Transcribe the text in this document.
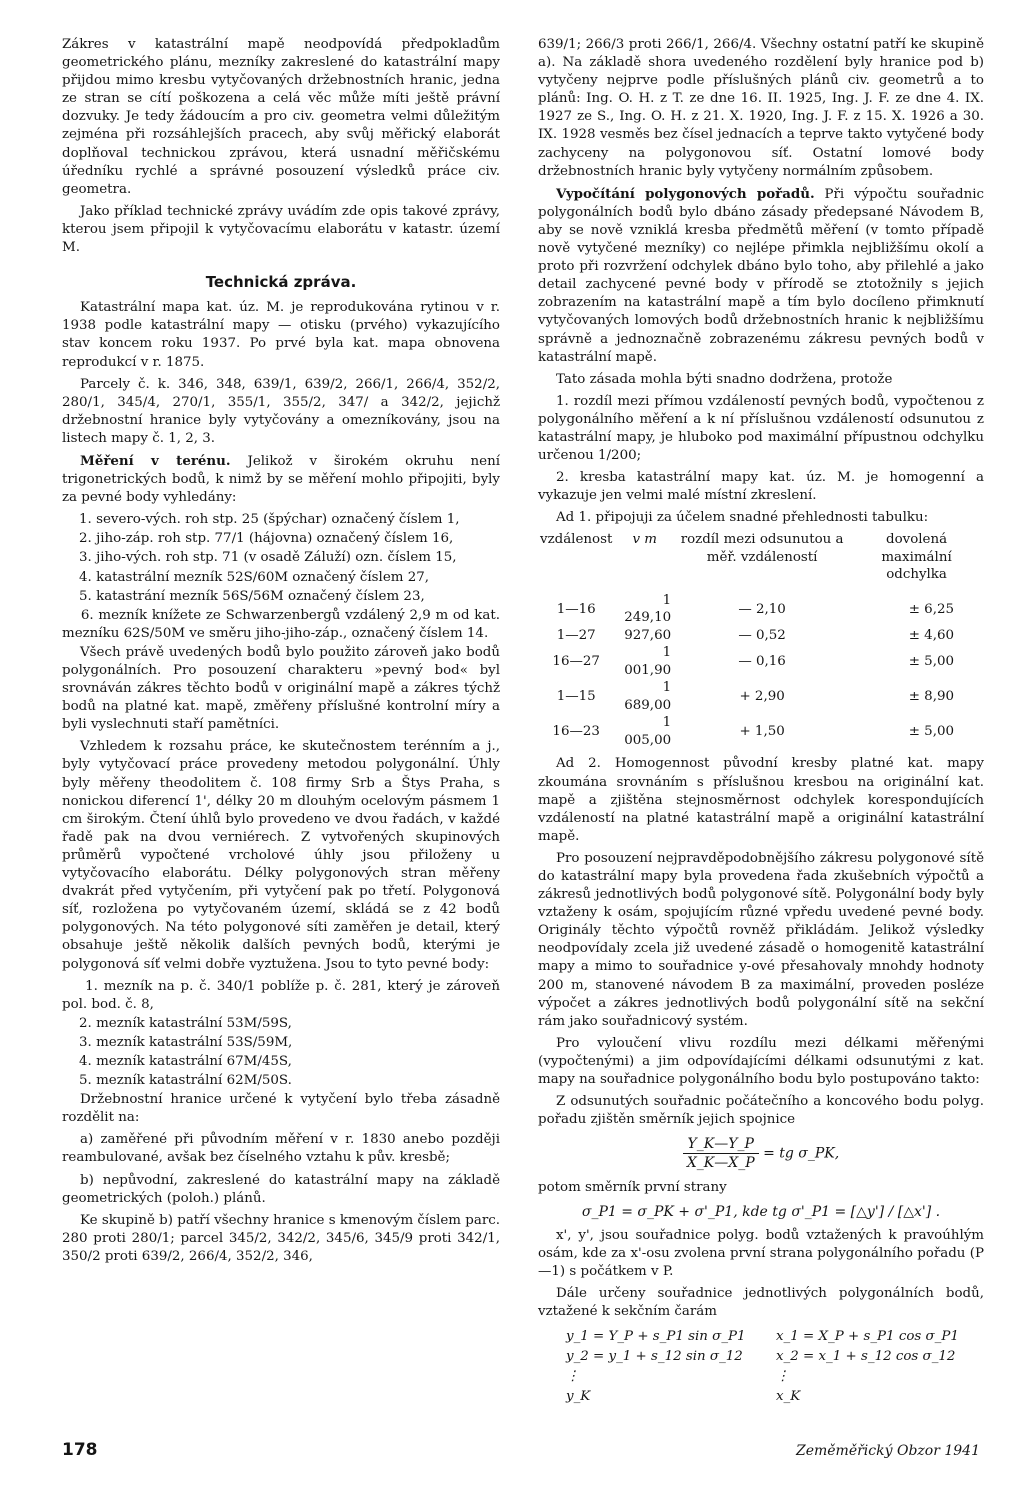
Zákres v katastrální mapě neodpovídá předpokladům geometrického plánu, mezníky zakreslené do katastrální mapy přijdou mimo kresbu vytyčovaných držebnostních hranic, jedna ze stran se cítí poškozena a celá věc může míti ještě právní dozvuky. Je tedy žádoucím a pro civ. geometra velmi důležitým zejména při rozsáhlejších pracech, aby svůj měřický elaborát doplňoval technickou zprávou, která usnadní měřičskému úředníku rychlé a správné posouzení výsledků práce civ. geometra.

Jako příklad technické zprávy uvádím zde opis takové zprávy, kterou jsem připojil k vytyčovacímu elaborátu v katastr. území M.

Technická zpráva.

Katastrální mapa kat. úz. M. je reprodukována rytinou v r. 1938 podle katastrální mapy — otisku (prvého) vykazujícího stav koncem roku 1937. Po prvé byla kat. mapa obnovena reprodukcí v r. 1875.

Parcely č. k. 346, 348, 639/1, 639/2, 266/1, 266/4, 352/2, 280/1, 345/4, 270/1, 355/1, 355/2, 347/ a 342/2, jejichž držebnostní hranice byly vytyčovány a omezníkovány, jsou na listech mapy č. 1, 2, 3.

Měření v terénu. Jelikož v širokém okruhu není trigonetrických bodů, k nimž by se měření mohlo připojiti, byly za pevné body vyhledány:

1. severo-vých. roh stp. 25 (špýchar) označený číslem 1,

2. jiho-záp. roh stp. 77/1 (hájovna) označený číslem 16,

3. jiho-vých. roh stp. 71 (v osadě Záluží) ozn. číslem 15,

4. katastrální mezník 52S/60M označený číslem 27,

5. katastrání mezník 56S/56M označený číslem 23,

6. mezník knížete ze Schwarzenbergů vzdálený 2,9 m od kat. mezníku 62S/50M ve směru jiho-jiho-záp., označený číslem 14.

Všech právě uvedených bodů bylo použito zároveň jako bodů polygonálních. Pro posouzení charakteru »pevný bod« byl srovnáván zákres těchto bodů v originální mapě a zákres týchž bodů na platné kat. mapě, změřeny příslušné kontrolní míry a byli vyslechnuti staří pamětníci.

Vzhledem k rozsahu práce, ke skutečnostem terénním a j., byly vytyčovací práce provedeny metodou polygonální. Úhly byly měřeny theodolitem č. 108 firmy Srb a Štys Praha, s nonickou diferencí 1', délky 20 m dlouhým ocelovým pásmem 1 cm širokým. Čtení úhlů bylo provedeno ve dvou řadách, v každé řadě pak na dvou verniérech. Z vytvořených skupinových průměrů vypočtené vrcholové úhly jsou přiloženy u vytyčovacího elaborátu. Délky polygonových stran měřeny dvakrát před vytyčením, při vytyčení pak po třetí. Polygonová síť, rozložena po vytyčovaném území, skládá se z 42 bodů polygonových. Na této polygonové síti zaměřen je detail, který obsahuje ještě několik dalších pevných bodů, kterými je polygonová síť velmi dobře vyztužena. Jsou to tyto pevné body:

1. mezník na p. č. 340/1 poblíže p. č. 281, který je zároveň pol. bod. č. 8,

2. mezník katastrální 53M/59S,

3. mezník katastrální 53S/59M,

4. mezník katastrální 67M/45S,

5. mezník katastrální 62M/50S.

Držebnostní hranice určené k vytyčení bylo třeba zásadně rozdělit na:

a) zaměřené při původním měření v r. 1830 anebo později reambulované, avšak bez číselného vztahu k pův. kresbě;

b) nepůvodní, zakreslené do katastrální mapy na základě geometrických (poloh.) plánů.

Ke skupině b) patří všechny hranice s kmenovým číslem parc. 280 proti 280/1; parcel 345/2, 342/2, 345/6, 345/9 proti 342/1, 350/2 proti 639/2, 266/4, 352/2, 346,

639/1; 266/3 proti 266/1, 266/4. Všechny ostatní patří ke skupině a). Na základě shora uvedeného rozdělení byly hranice pod b) vytyčeny nejprve podle příslušných plánů civ. geometrů a to plánů: Ing. O. H. z T. ze dne 16. II. 1925, Ing. J. F. ze dne 4. IX. 1927 ze S., Ing. O. H. z 21. X. 1920, Ing. J. F. z 15. X. 1926 a 30. IX. 1928 vesměs bez čísel jednacích a teprve takto vytyčené body zachyceny na polygonovou síť. Ostatní lomové body držebnostních hranic byly vytyčeny normálním způsobem.

Vypočítání polygonových pořadů. Při výpočtu souřadnic polygonálních bodů bylo dbáno zásady předepsané Návodem B, aby se nově vzniklá kresba předmětů měření (v tomto případě nově vytyčené mezníky) co nejlépe přimkla nejbližšímu okolí a proto při rozvržení odchylek dbáno bylo toho, aby přilehlé a jako detail zachycené pevné body v přírodě se ztotožnily s jejich zobrazením na katastrální mapě a tím bylo docíleno přimknutí vytyčovaných lomových bodů držebnostních hranic k nejbližšímu správně a jednoznačně zobrazenému zákresu pevných bodů v katastrální mapě.

Tato zásada mohla býti snadno dodržena, protože

1. rozdíl mezi přímou vzdáleností pevných bodů, vypočtenou z polygonálního měření a k ní příslušnou vzdáleností odsunutou z katastrální mapy, je hluboko pod maximální přípustnou odchylku určenou 1/200;

2. kresba katastrální mapy kat. úz. M. je homogenní a vykazuje jen velmi malé místní zkreslení.

Ad 1. připojuji za účelem snadné přehlednosti tabulku:

vzdálenost	v m	rozdíl mezi odsunutou a měř. vzdáleností	dovolená maximální odchylka
1—16	1 249,10	— 2,10	± 6,25
1—27	927,60	— 0,52	± 4,60
16—27	1 001,90	— 0,16	± 5,00
1—15	1 689,00	+ 2,90	± 8,90
16—23	1 005,00	+ 1,50	± 5,00

Ad 2. Homogennost původní kresby platné kat. mapy zkoumána srovnáním s příslušnou kresbou na originální kat. mapě a zjištěna stejnosměrnost odchylek korespondujících vzdáleností na platné katastrální mapě a originální katastrální mapě.

Pro posouzení nejpravděpodobnějšího zákresu polygonové sítě do katastrální mapy byla provedena řada zkušebních výpočtů a zákresů jednotlivých bodů polygonové sítě. Polygonální body byly vztaženy k osám, spojujícím různé vpředu uvedené pevné body. Originály těchto výpočtů rovněž přikládám. Jelikož výsledky neodpovídaly zcela již uvedené zásadě o homogenitě katastrální mapy a mimo to souřadnice y-ové přesahovaly mnohdy hodnoty 200 m, stanovené návodem B za maximální, proveden posléze výpočet a zákres jednotlivých bodů polygonální sítě na sekční rám jako souřadnicový systém.

Pro vyloučení vlivu rozdílu mezi délkami měřenými (vypočtenými) a jim odpovídajícími délkami odsunutými z kat. mapy na souřadnice polygonálního bodu bylo postupováno takto:

Z odsunutých souřadnic počátečního a koncového bodu polyg. pořadu zjištěn směrník jejich spojnice

$\frac{Y\_K—Y\_P}{X\_K—X\_P}$ = tg σ_PK,

potom směrník první strany

σ_P1 = σ_PK + σ'_P1, kde tg σ'_P1 = [△y'] / [△x'] .

x', y', jsou souřadnice polyg. bodů vztažených k pravoúhlým osám, kde za x'-osu zvolena první strana polygonálního pořadu (P—1) s počátkem v P.

Dále určeny souřadnice jednotlivých polygonálních bodů, vztažené k sekčním čarám

y_1 = Y_P + s_P1 sin σ_P1	x_1 = X_P + s_P1 cos σ_P1
y_2 = y_1 + s_12 sin σ_12	x_2 = x_1 + s_12 cos σ_12
⋮	⋮
y_K	x_K
178	Zeměměřický Obzor 1941
